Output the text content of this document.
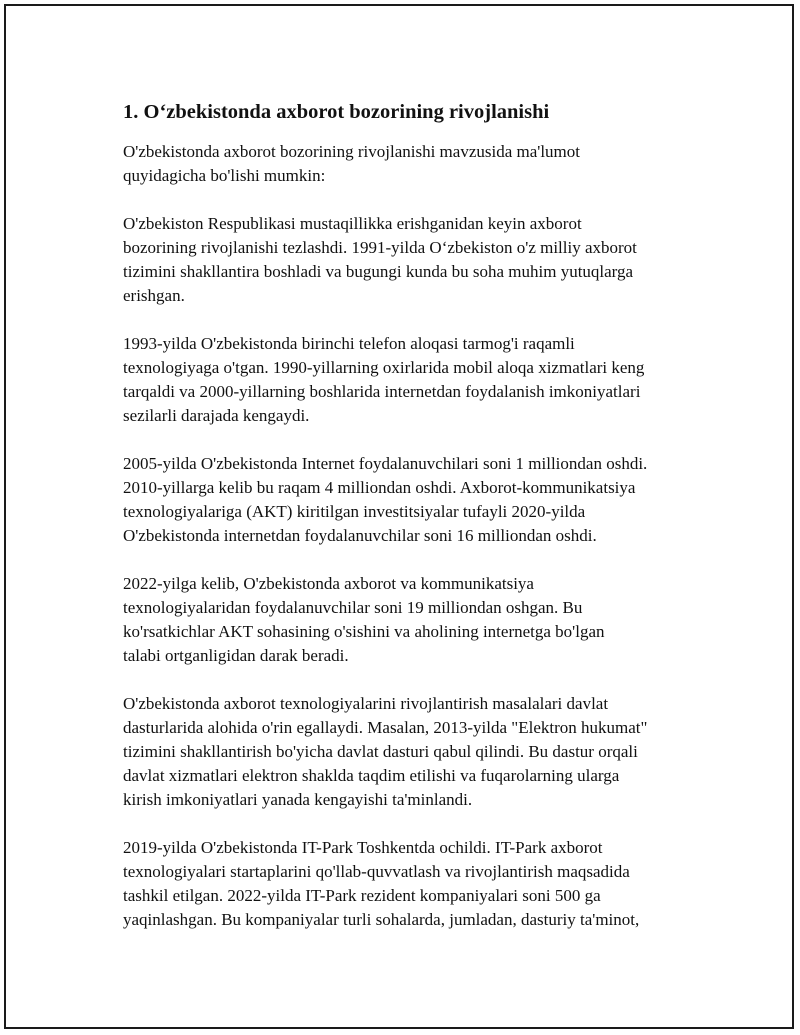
1. O‘zbekistonda axborot bozorining rivojlanishi

O'zbekistonda axborot bozorining rivojlanishi mavzusida ma'lumot
quyidagicha bo'lishi mumkin:

O'zbekiston Respublikasi mustaqillikka erishganidan keyin axborot
bozorining rivojlanishi tezlashdi. 1991-yilda O‘zbekiston o'z milliy axborot
tizimini shakllantira boshladi va bugungi kunda bu soha muhim yutuqlarga
erishgan.

1993-yilda O'zbekistonda birinchi telefon aloqasi tarmog'i raqamli
texnologiyaga o'tgan. 1990-yillarning oxirlarida mobil aloqa xizmatlari keng
tarqaldi va 2000-yillarning boshlarida internetdan foydalanish imkoniyatlari
sezilarli darajada kengaydi.

2005-yilda O'zbekistonda Internet foydalanuvchilari soni 1 milliondan oshdi.
2010-yillarga kelib bu raqam 4 milliondan oshdi. Axborot-kommunikatsiya
texnologiyalariga (AKT) kiritilgan investitsiyalar tufayli 2020-yilda
O'zbekistonda internetdan foydalanuvchilar soni 16 milliondan oshdi.

2022-yilga kelib, O'zbekistonda axborot va kommunikatsiya
texnologiyalaridan foydalanuvchilar soni 19 milliondan oshgan. Bu
ko'rsatkichlar AKT sohasining o'sishini va aholining internetga bo'lgan
talabi ortganligidan darak beradi.

O'zbekistonda axborot texnologiyalarini rivojlantirish masalalari davlat
dasturlarida alohida o'rin egallaydi. Masalan, 2013-yilda "Elektron hukumat"
tizimini shakllantirish bo'yicha davlat dasturi qabul qilindi. Bu dastur orqali
davlat xizmatlari elektron shaklda taqdim etilishi va fuqarolarning ularga
kirish imkoniyatlari yanada kengayishi ta'minlandi.

2019-yilda O'zbekistonda IT-Park Toshkentda ochildi. IT-Park axborot
texnologiyalari startaplarini qo'llab-quvvatlash va rivojlantirish maqsadida
tashkil etilgan. 2022-yilda IT-Park rezident kompaniyalari soni 500 ga
yaqinlashgan. Bu kompaniyalar turli sohalarda, jumladan, dasturiy ta'minot,
